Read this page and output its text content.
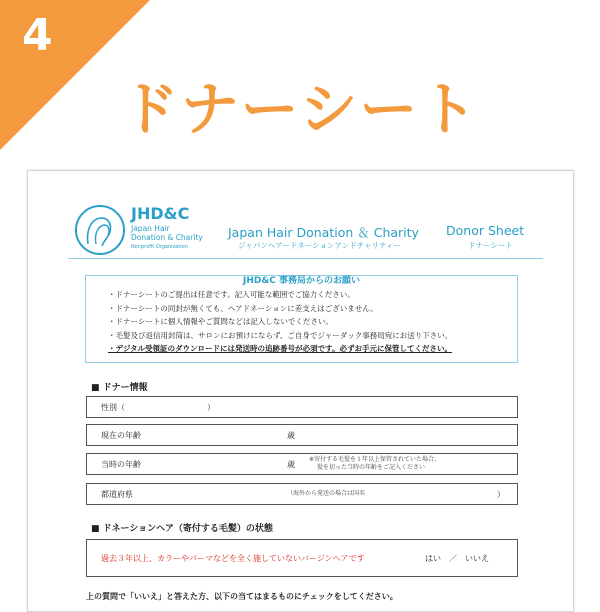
4
ドナーシート
JHD&C
Japan Hair
Donation & Charity
Nonprofit Organization
Japan Hair Donation ＆ Charity
ジャパンヘアードネーションアンドチャリティー
Donor Sheet
ドナーシート
JHD&C 事務局からのお願い
・ドナーシートのご提出は任意です。記入可能な範囲でご協力ください。
・ドナーシートの同封が無くても、ヘアドネーションに差支えはございません。
・ドナーシートに個人情報やご質問などは記入しないでください。
・毛髪及び返信用封筒は、サロンにお預けにならず、ご自身でジャーダック事務局宛にお送り下さい。
・デジタル受領証のダウンロードには発送時の追跡番号が必須です。必ずお手元に保管してください。
■ ドナー情報
性別（	）
現在の年齢	歳
当時の年齢	歳
※寄付する毛髪を１年以上保管されていた場合、
髪を切った当時の年齢をご記入ください
都道府県	（海外から発送の場合は国名	）
■ ドネーションヘア（寄付する毛髪）の状態
過去３年以上、カラーやパーマなどを全く施していないバージンヘアです	はい　／　いいえ
上の質問で「いいえ」と答えた方、以下の当てはまるものにチェックをしてください。
